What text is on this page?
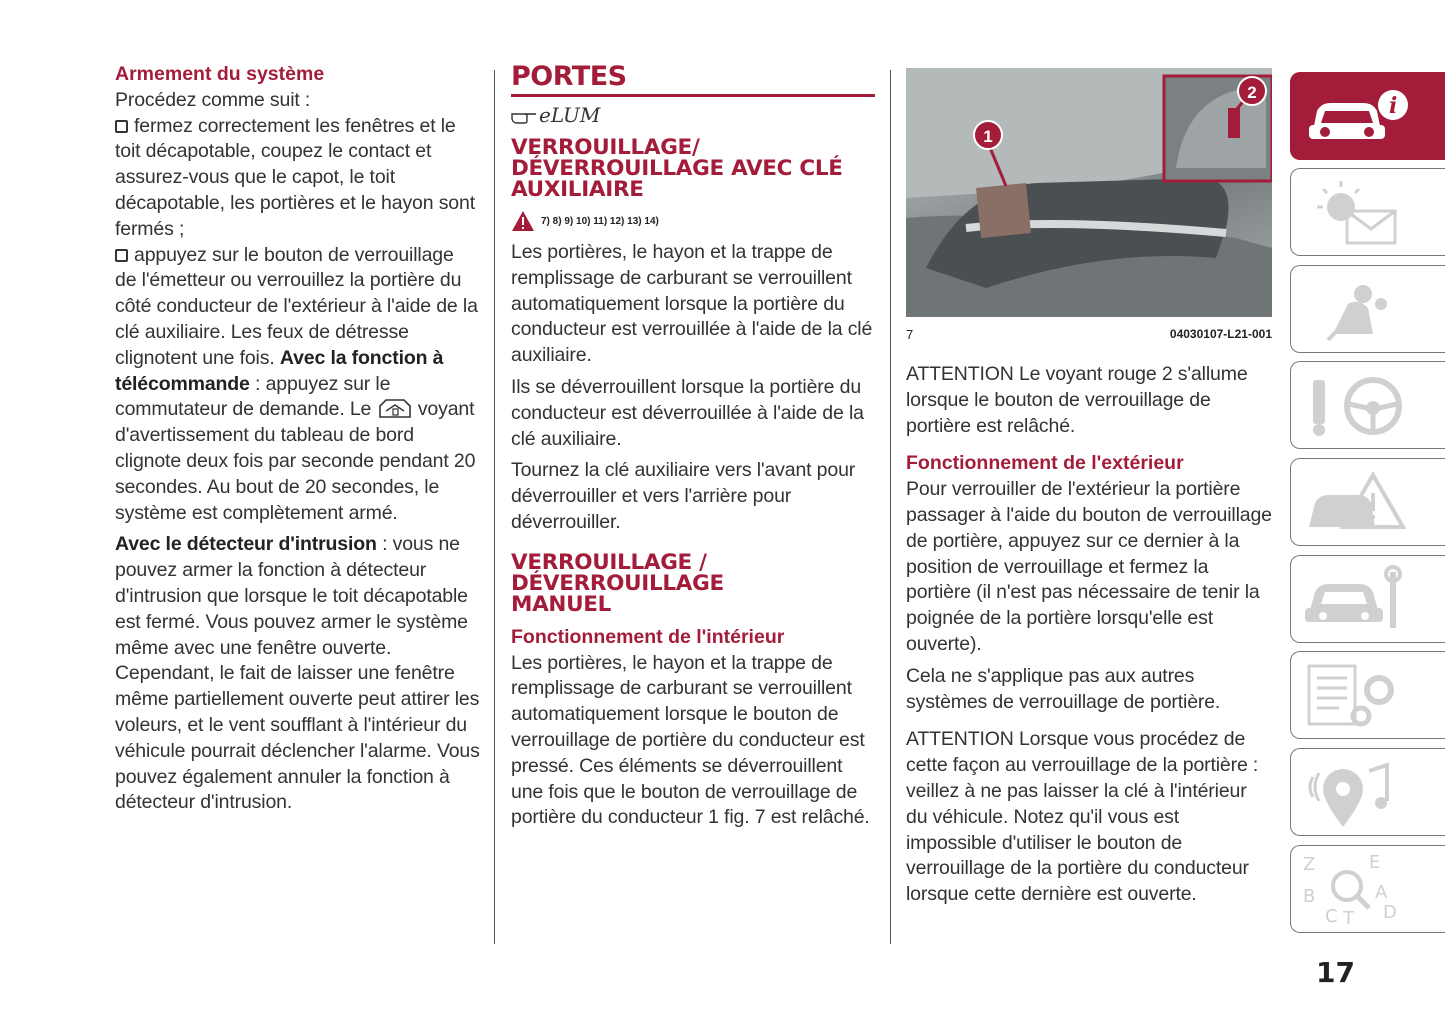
Armement du système

Procédez comme suit :

fermez correctement les fenêtres et le toit décapotable, coupez le contact et assurez-vous que le capot, le toit décapotable, les portières et le hayon sont fermés ;

appuyez sur le bouton de verrouillage de l'émetteur ou verrouillez la portière du côté conducteur de l'extérieur à l'aide de la clé auxiliaire. Les feux de détresse clignotent une fois. Avec la fonction à télécommande : appuyez sur le commutateur de demande. Le voyant d'avertissement du tableau de bord clignote deux fois par seconde pendant 20 secondes. Au bout de 20 secondes, le système est complètement armé.

Avec le détecteur d'intrusion : vous ne pouvez armer la fonction à détecteur d'intrusion que lorsque le toit décapotable est fermé. Vous pouvez armer le système même avec une fenêtre ouverte. Cependant, le fait de laisser une fenêtre même partiellement ouverte peut attirer les voleurs, et le vent soufflant à l'intérieur du véhicule pourrait déclencher l'alarme. Vous pouvez également annuler la fonction à détecteur d'intrusion.

PORTES
eLUM
VERROUILLAGE/ DÉVERROUILLAGE AVEC CLÉ AUXILIAIRE
7) 8) 9) 10) 11) 12) 13) 14)

Les portières, le hayon et la trappe de remplissage de carburant se verrouillent automatiquement lorsque la portière du conducteur est verrouillée à l'aide de la clé auxiliaire.

Ils se déverrouillent lorsque la portière du conducteur est déverrouillée à l'aide de la clé auxiliaire.

Tournez la clé auxiliaire vers l'avant pour déverrouiller et vers l'arrière pour déverrouiller.

VERROUILLAGE / DÉVERROUILLAGE MANUEL

Fonctionnement de l'intérieur

Les portières, le hayon et la trappe de remplissage de carburant se verrouillent automatiquement lorsque le bouton de verrouillage de portière du conducteur est pressé. Ces éléments se déverrouillent une fois que le bouton de verrouillage de portière du conducteur 1 fig. 7 est relâché.

1
2
7	04030107-L21-001

ATTENTION Le voyant rouge 2 s'allume lorsque le bouton de verrouillage de portière est relâché.

Fonctionnement de l'extérieur

Pour verrouiller de l'extérieur la portière passager à l'aide du bouton de verrouillage de portière, appuyez sur ce dernier à la position de verrouillage et fermez la portière (il n'est pas nécessaire de tenir la poignée de la portière lorsqu'elle est ouverte).

Cela ne s'applique pas aux autres systèmes de verrouillage de portière.

ATTENTION Lorsque vous procédez de cette façon au verrouillage de la portière : veillez à ne pas laisser la clé à l'intérieur du véhicule. Notez qu'il vous est impossible d'utiliser le bouton de verrouillage de la portière du conducteur lorsque cette dernière est ouverte.

i
Z	E
B	A
C T D
17
